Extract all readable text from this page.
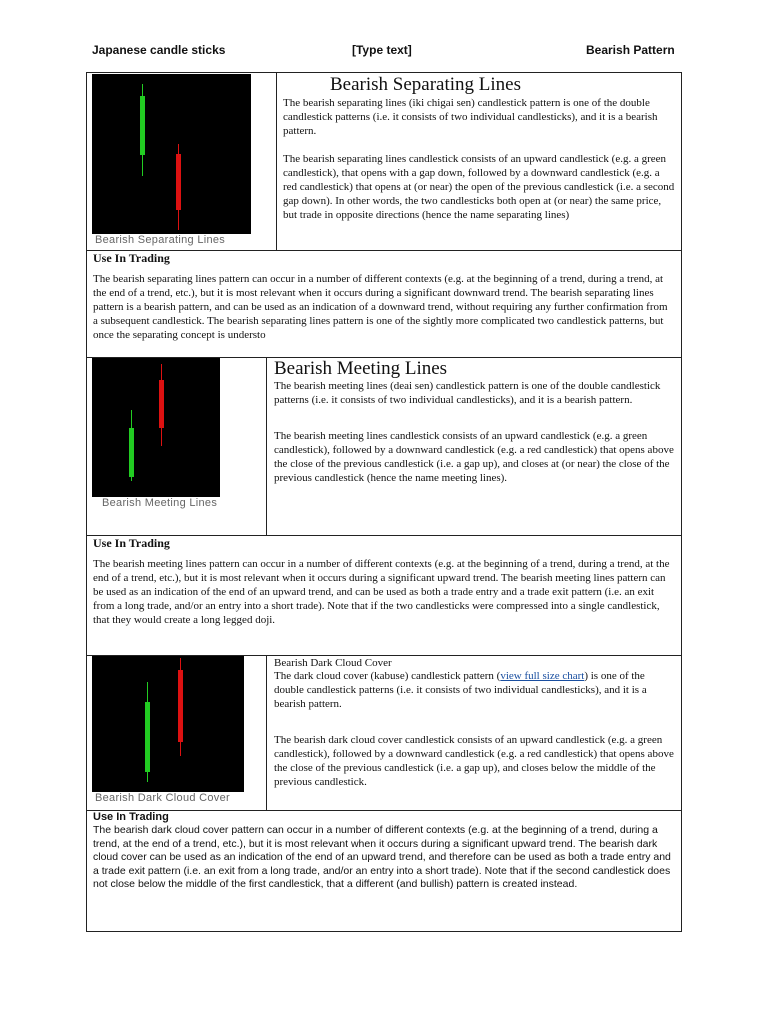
Japanese candle sticks	[Type text]	Bearish Pattern
Bearish Separating Lines
Bearish Separating Lines

The bearish separating lines (iki chigai sen) candlestick pattern is one of the double candlestick patterns (i.e. it consists of two individual candlesticks), and it is a bearish pattern.

The bearish separating lines candlestick consists of an upward candlestick (e.g. a green candlestick), that opens with a gap down, followed by a downward candlestick (e.g. a red candlestick) that opens at (or near) the open of the previous candlestick (i.e. a second gap down). In other words, the two candlesticks both open at (or near) the same price, but trade in opposite directions (hence the name separating lines)

Use In Trading
The bearish separating lines pattern can occur in a number of different contexts (e.g. at the beginning of a trend, during a trend, at the end of a trend, etc.), but it is most relevant when it occurs during a significant downward trend. The bearish separating lines pattern is a bearish pattern, and can be used as an indication of a downward trend, without requiring any further confirmation from a subsequent candlestick. The bearish separating lines pattern is one of the sightly more complicated two candlestick patterns, but once the separating concept is understo
Bearish Meeting Lines
Bearish Meeting Lines

The bearish meeting lines (deai sen) candlestick pattern is one of the double candlestick patterns (i.e. it consists of two individual candlesticks), and it is a bearish pattern.

The bearish meeting lines candlestick consists of an upward candlestick (e.g. a green candlestick), followed by a downward candlestick (e.g. a red candlestick) that opens above the close of the previous candlestick (i.e. a gap up), and closes at (or near) the close of the previous candlestick (hence the name meeting lines).

Use In Trading
The bearish meeting lines pattern can occur in a number of different contexts (e.g. at the beginning of a trend, during a trend, at the end of a trend, etc.), but it is most relevant when it occurs during a significant upward trend. The bearish meeting lines pattern can be used as an indication of the end of an upward trend, and can be used as both a trade entry and a trade exit pattern (i.e. an exit from a long trade, and/or an entry into a short trade). Note that if the two candlesticks were compressed into a single candlestick, that they would create a long legged doji.
Bearish Dark Cloud Cover
Bearish Dark Cloud Cover

The dark cloud cover (kabuse) candlestick pattern (view full size chart) is one of the double candlestick patterns (i.e. it consists of two individual candlesticks), and it is a bearish pattern.

The bearish dark cloud cover candlestick consists of an upward candlestick (e.g. a green candlestick), followed by a downward candlestick (e.g. a red candlestick) that opens above the close of the previous candlestick (i.e. a gap up), and closes below the middle of the previous candlestick.

Use In Trading
The bearish dark cloud cover pattern can occur in a number of different contexts (e.g. at the beginning of a trend, during a trend, at the end of a trend, etc.), but it is most relevant when it occurs during a significant upward trend. The bearish dark cloud cover can be used as an indication of the end of an upward trend, and therefore can be used as both a trade entry and a trade exit pattern (i.e. an exit from a long trade, and/or an entry into a short trade). Note that if the second candlestick does not close below the middle of the first candlestick, that a different (and bullish) pattern is created instead.
